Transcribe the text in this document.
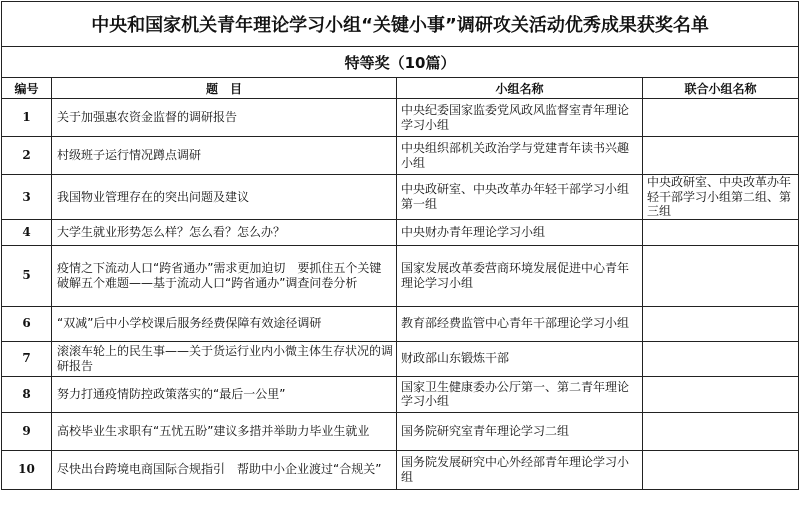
中央和国家机关青年理论学习小组“关键小事”调研攻关活动优秀成果获奖名单			
特等奖（10篇）			
编号	题　目	小组名称	联合小组名称
1	关于加强惠农资金监督的调研报告	中央纪委国家监委党风政风监督室青年理论学习小组	
2	村级班子运行情况蹲点调研	中央组织部机关政治学与党建青年读书兴趣小组	
3	我国物业管理存在的突出问题及建议	中央政研室、中央改革办年轻干部学习小组第一组	中央政研室、中央改革办年轻干部学习小组第二组、第三组
4	大学生就业形势怎么样？怎么看？怎么办？	中央财办青年理论学习小组	
5	疫情之下流动人口“跨省通办”需求更加迫切　要抓住五个关键破解五个难题——基于流动人口“跨省通办”调查问卷分析	国家发展改革委营商环境发展促进中心青年理论学习小组	
6	“双减”后中小学校课后服务经费保障有效途径调研	教育部经费监管中心青年干部理论学习小组	
7	滚滚车轮上的民生事——关于货运行业内小微主体生存状况的调研报告	财政部山东锻炼干部	
8	努力打通疫情防控政策落实的“最后一公里”	国家卫生健康委办公厅第一、第二青年理论学习小组	
9	高校毕业生求职有“五忧五盼”建议多措并举助力毕业生就业	国务院研究室青年理论学习二组	
10	尽快出台跨境电商国际合规指引　帮助中小企业渡过“合规关”	国务院发展研究中心外经部青年理论学习小组	
